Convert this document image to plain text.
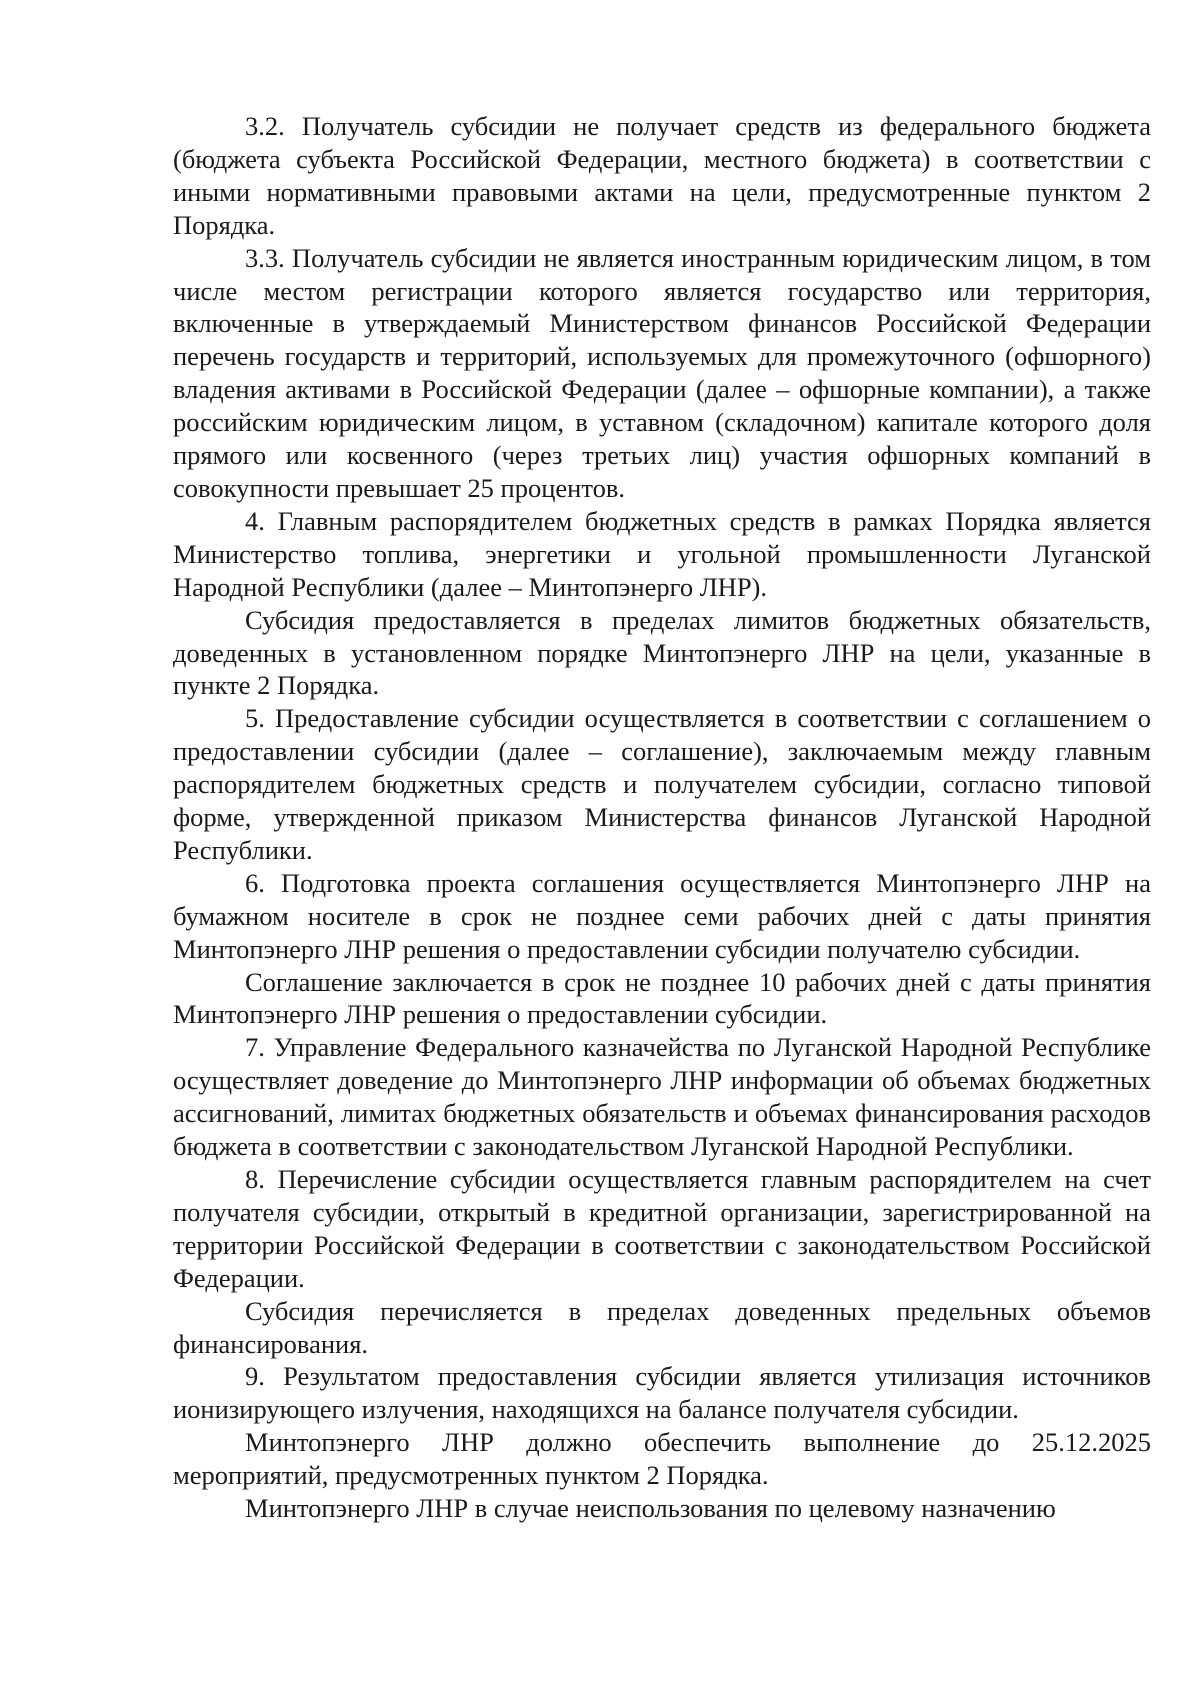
3.2. Получатель субсидии не получает средств из федерального бюджета (бюджета субъекта Российской Федерации, местного бюджета) в соответствии с иными нормативными правовыми актами на цели, предусмотренные пунктом 2 Порядка.

3.3. Получатель субсидии не является иностранным юридическим лицом, в том числе местом регистрации которого является государство или территория, включенные в утверждаемый Министерством финансов Российской Федерации перечень государств и территорий, используемых для промежуточного (офшорного) владения активами в Российской Федерации (далее – офшорные компании), а также российским юридическим лицом, в уставном (складочном) капитале которого доля прямого или косвенного (через третьих лиц) участия офшорных компаний в совокупности превышает 25 процентов.

4. Главным распорядителем бюджетных средств в рамках Порядка является Министерство топлива, энергетики и угольной промышленности Луганской Народной Республики (далее – Минтопэнерго ЛНР).

Субсидия предоставляется в пределах лимитов бюджетных обязательств, доведенных в установленном порядке Минтопэнерго ЛНР на цели, указанные в пункте 2 Порядка.

5. Предоставление субсидии осуществляется в соответствии с соглашением о предоставлении субсидии (далее – соглашение), заключаемым между главным распорядителем бюджетных средств и получателем субсидии, согласно типовой форме, утвержденной приказом Министерства финансов Луганской Народной Республики.

6. Подготовка проекта соглашения осуществляется Минтопэнерго ЛНР на бумажном носителе в срок не позднее семи рабочих дней с даты принятия Минтопэнерго ЛНР решения о предоставлении субсидии получателю субсидии.

Соглашение заключается в срок не позднее 10 рабочих дней с даты принятия Минтопэнерго ЛНР решения о предоставлении субсидии.

7. Управление Федерального казначейства по Луганской Народной Республике осуществляет доведение до Минтопэнерго ЛНР информации об объемах бюджетных ассигнований, лимитах бюджетных обязательств и объемах финансирования расходов бюджета в соответствии с законодательством Луганской Народной Республики.

8. Перечисление субсидии осуществляется главным распорядителем на счет получателя субсидии, открытый в кредитной организации, зарегистрированной на территории Российской Федерации в соответствии с законодательством Российской Федерации.

Субсидия перечисляется в пределах доведенных предельных объемов финансирования.

9. Результатом предоставления субсидии является утилизация источников ионизирующего излучения, находящихся на балансе получателя субсидии.

Минтопэнерго ЛНР должно обеспечить выполнение до 25.12.2025 мероприятий, предусмотренных пунктом 2 Порядка.

Минтопэнерго ЛНР в случае неиспользования по целевому назначению
